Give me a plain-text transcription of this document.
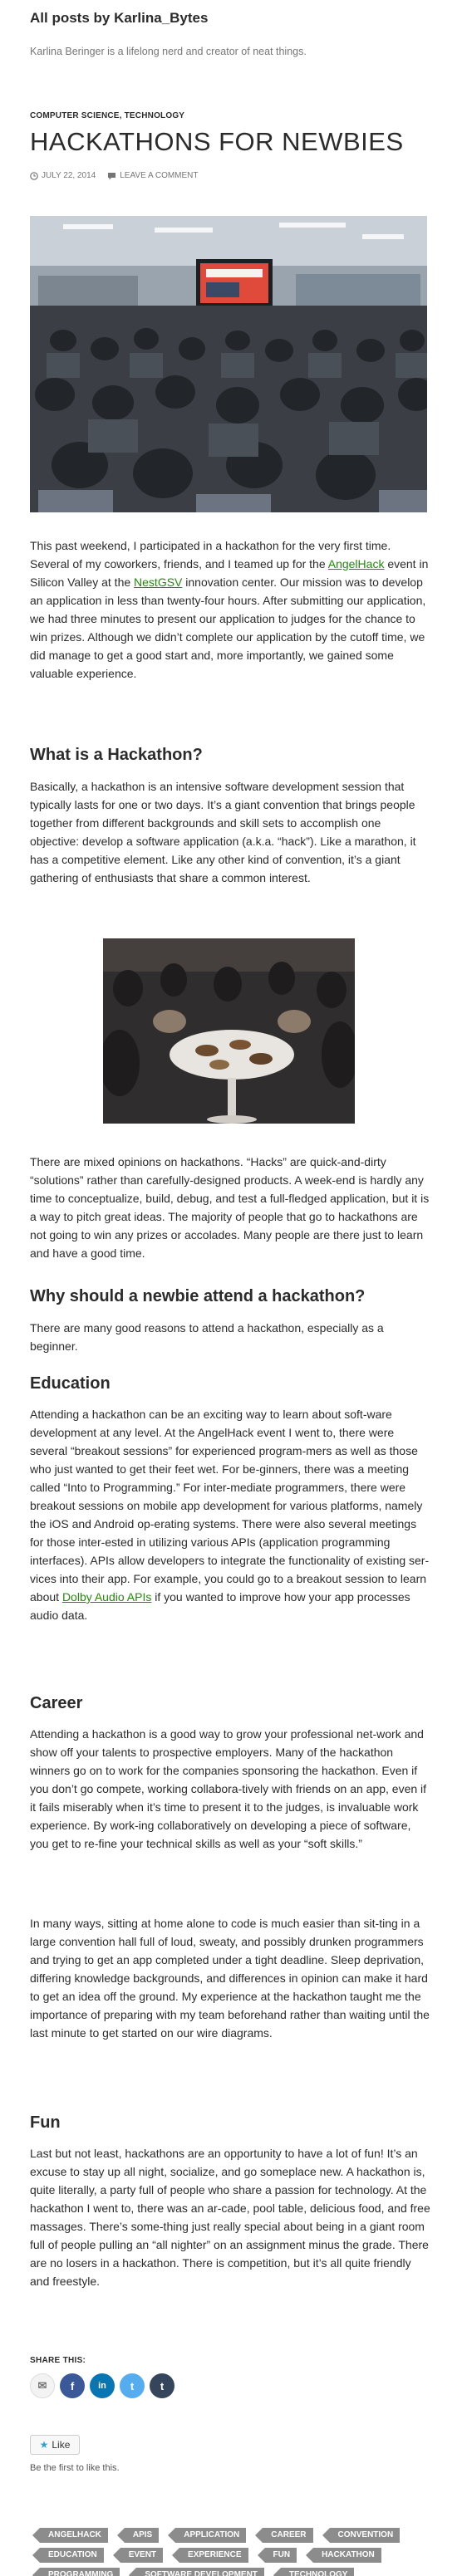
All posts by Karlina_Bytes
Karlina Beringer is a lifelong nerd and creator of neat things.
COMPUTER SCIENCE, TECHNOLOGY
HACKATHONS FOR NEWBIES
JULY 22, 2014	LEAVE A COMMENT

This past weekend, I participated in a hackathon for the very first time. Several of my coworkers, friends, and I teamed up for the AngelHack event in Silicon Valley at the NestGSV innovation center. Our mission was to develop an application in less than twenty-four hours. After submitting our application, we had three minutes to present our application to judges for the chance to win prizes. Although we didn’t complete our application by the cutoff time, we did manage to get a good start and, more importantly, we gained some valuable experience.

What is a Hackathon?

Basically, a hackathon is an intensive software development session that typically lasts for one or two days. It’s a giant convention that brings people together from different backgrounds and skill sets to accomplish one objective: develop a software application (a.k.a. “hack”). Like a marathon, it has a competitive element. Like any other kind of convention, it’s a giant gathering of enthusiasts that share a common interest.

There are mixed opinions on hackathons. “Hacks” are quick-and-dirty “solutions” rather than carefully-designed products. A week-end is hardly any time to conceptualize, build, debug, and test a full-fledged application, but it is a way to pitch great ideas. The majority of people that go to hackathons are not going to win any prizes or accolades. Many people are there just to learn and have a good time.

Why should a newbie attend a hackathon?

There are many good reasons to attend a hackathon, especially as a beginner.

Education

Attending a hackathon can be an exciting way to learn about soft-ware development at any level. At the AngelHack event I went to, there were several “breakout sessions” for experienced program-mers as well as those who just wanted to get their feet wet. For be-ginners, there was a meeting called “Into to Programming.” For inter-mediate programmers, there were breakout sessions on mobile app development for various platforms, namely the iOS and Android op-erating systems. There were also several meetings for those inter-ested in utilizing various APIs (application programming interfaces). APIs allow developers to integrate the functionality of existing ser-vices into their app. For example, you could go to a breakout session to learn about Dolby Audio APIs if you wanted to improve how your app processes audio data.

Career

Attending a hackathon is a good way to grow your professional net-work and show off your talents to prospective employers. Many of the hackathon winners go on to work for the companies sponsoring the hackathon. Even if you don’t go compete, working collabora-tively with friends on an app, even if it fails miserably when it’s time to present it to the judges, is invaluable work experience. By work-ing collaboratively on developing a piece of software, you get to re-fine your technical skills as well as your “soft skills.”

In many ways, sitting at home alone to code is much easier than sit-ting in a large convention hall full of loud, sweaty, and possibly drunken programmers and trying to get an app completed under a tight deadline. Sleep deprivation, differing knowledge backgrounds, and differences in opinion can make it hard to get an idea off the ground. My experience at the hackathon taught me the importance of preparing with my team beforehand rather than waiting until the last minute to get started on our wire diagrams.

Fun

Last but not least, hackathons are an opportunity to have a lot of fun! It’s an excuse to stay up all night, socialize, and go someplace new. A hackathon is, quite literally, a party full of people who share a passion for technology. At the hackathon I went to, there was an ar-cade, pool table, delicious food, and free massages. There’s some-thing just really special about being in a giant room full of people pulling an “all nighter” on an assignment minus the grade. There are no losers in a hackathon. There is competition, but it’s all quite friendly and freestyle.

SHARE THIS:
✉ f	in t t
★ Like
Be the first to like this.
ANGELHACK	APIS	APPLICATION	CAREER	CONVENTION
EDUCATION	EVENT	EXPERIENCE	FUN	HACKATHON
PROGRAMMING	SOFTWARE DEVELOPMENT	TECHNOLOGY
